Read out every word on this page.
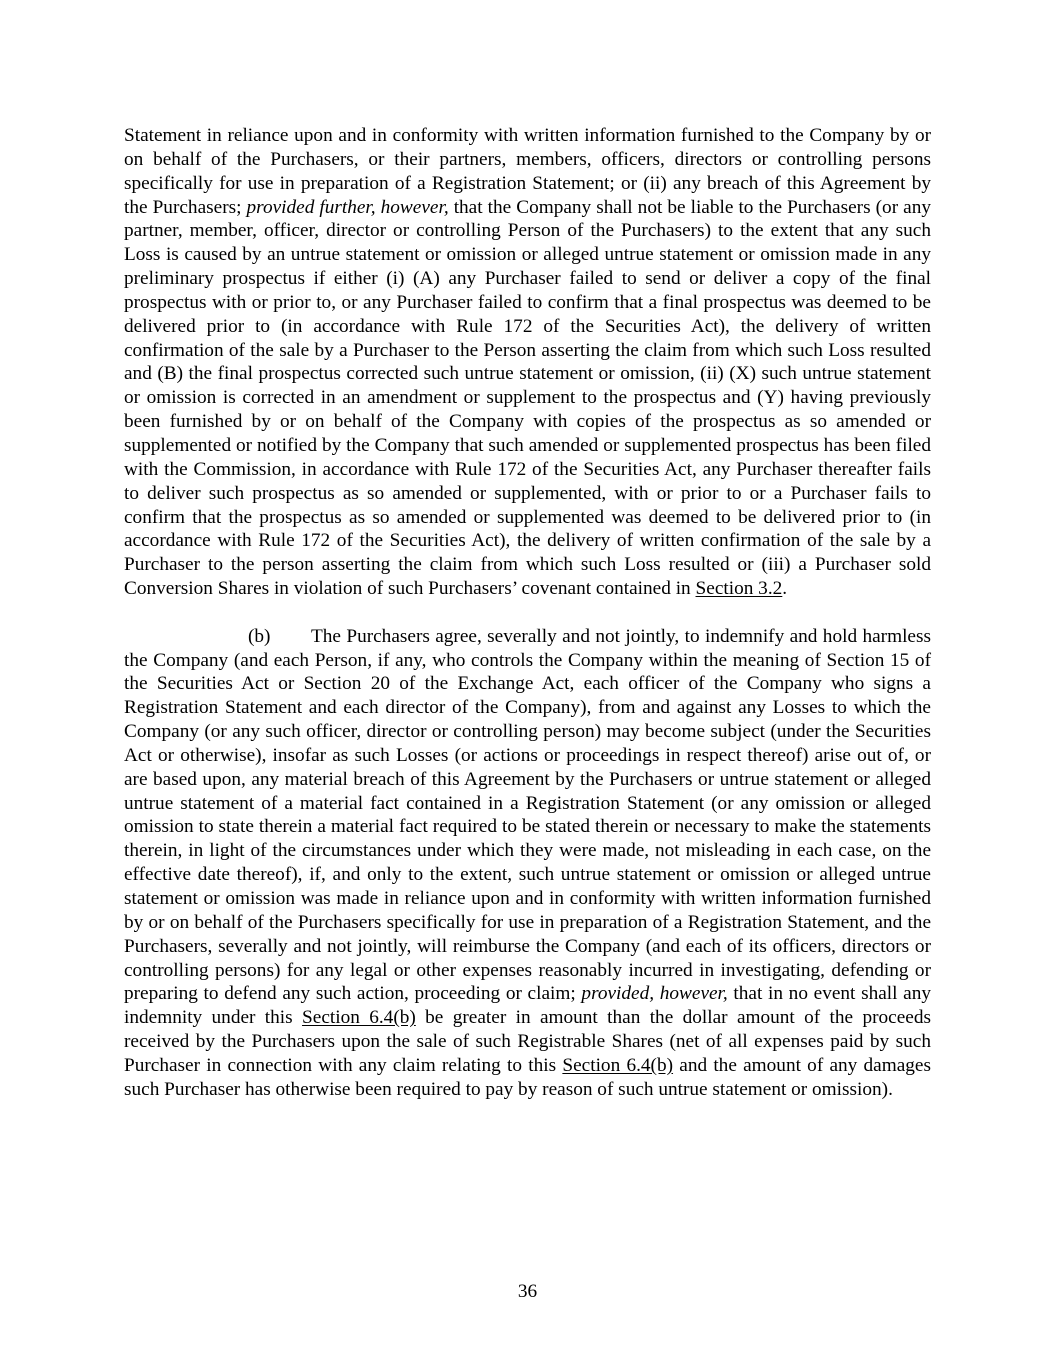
Statement in reliance upon and in conformity with written information furnished to the Company by or on behalf of the Purchasers, or their partners, members, officers, directors or controlling persons specifically for use in preparation of a Registration Statement; or (ii) any breach of this Agreement by the Purchasers; provided further, however, that the Company shall not be liable to the Purchasers (or any partner, member, officer, director or controlling Person of the Purchasers) to the extent that any such Loss is caused by an untrue statement or omission or alleged untrue statement or omission made in any preliminary prospectus if either (i) (A) any Purchaser failed to send or deliver a copy of the final prospectus with or prior to, or any Purchaser failed to confirm that a final prospectus was deemed to be delivered prior to (in accordance with Rule 172 of the Securities Act), the delivery of written confirmation of the sale by a Purchaser to the Person asserting the claim from which such Loss resulted and (B) the final prospectus corrected such untrue statement or omission, (ii) (X) such untrue statement or omission is corrected in an amendment or supplement to the prospectus and (Y) having previously been furnished by or on behalf of the Company with copies of the prospectus as so amended or supplemented or notified by the Company that such amended or supplemented prospectus has been filed with the Commission, in accordance with Rule 172 of the Securities Act, any Purchaser thereafter fails to deliver such prospectus as so amended or supplemented, with or prior to or a Purchaser fails to confirm that the prospectus as so amended or supplemented was deemed to be delivered prior to (in accordance with Rule 172 of the Securities Act), the delivery of written confirmation of the sale by a Purchaser to the person asserting the claim from which such Loss resulted or (iii) a Purchaser sold Conversion Shares in violation of such Purchasers’ covenant contained in Section 3.2.

(b) The Purchasers agree, severally and not jointly, to indemnify and hold harmless the Company (and each Person, if any, who controls the Company within the meaning of Section 15 of the Securities Act or Section 20 of the Exchange Act, each officer of the Company who signs a Registration Statement and each director of the Company), from and against any Losses to which the Company (or any such officer, director or controlling person) may become subject (under the Securities Act or otherwise), insofar as such Losses (or actions or proceedings in respect thereof) arise out of, or are based upon, any material breach of this Agreement by the Purchasers or untrue statement or alleged untrue statement of a material fact contained in a Registration Statement (or any omission or alleged omission to state therein a material fact required to be stated therein or necessary to make the statements therein, in light of the circumstances under which they were made, not misleading in each case, on the effective date thereof), if, and only to the extent, such untrue statement or omission or alleged untrue statement or omission was made in reliance upon and in conformity with written information furnished by or on behalf of the Purchasers specifically for use in preparation of a Registration Statement, and the Purchasers, severally and not jointly, will reimburse the Company (and each of its officers, directors or controlling persons) for any legal or other expenses reasonably incurred in investigating, defending or preparing to defend any such action, proceeding or claim; provided, however, that in no event shall any indemnity under this Section 6.4(b) be greater in amount than the dollar amount of the proceeds received by the Purchasers upon the sale of such Registrable Shares (net of all expenses paid by such Purchaser in connection with any claim relating to this Section 6.4(b) and the amount of any damages such Purchaser has otherwise been required to pay by reason of such untrue statement or omission).

36
